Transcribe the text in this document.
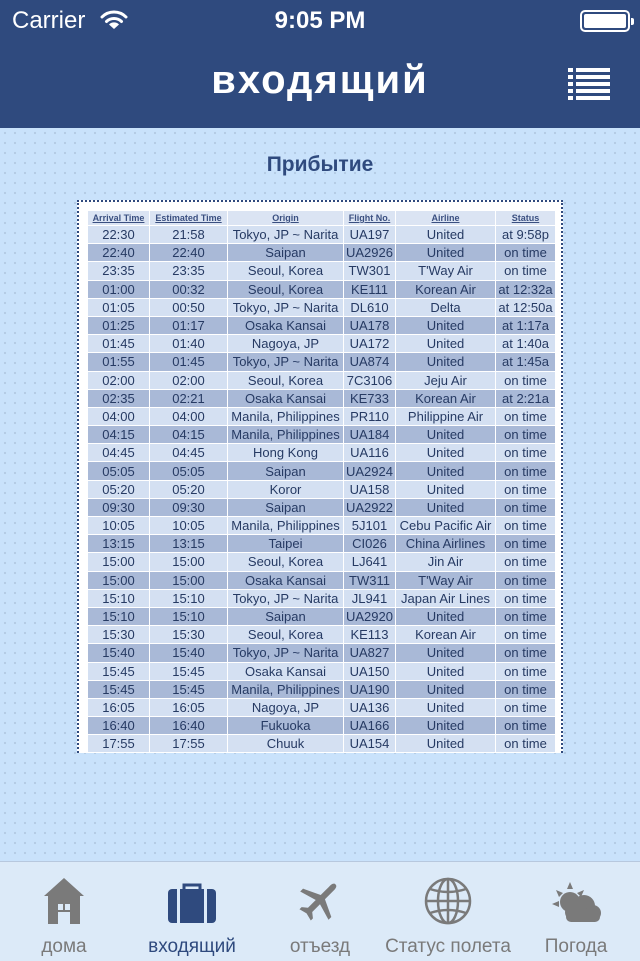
Carrier	9:05 PM
входящий
Прибытие
Arrival Time	Estimated Time	Origin	Flight No.	Airline	Status
22:30	21:58	Tokyo, JP ~ Narita	UA197	United	at 9:58p
22:40	22:40	Saipan	UA2926	United	on time
23:35	23:35	Seoul, Korea	TW301	T'Way Air	on time
01:00	00:32	Seoul, Korea	KE111	Korean Air	at 12:32a
01:05	00:50	Tokyo, JP ~ Narita	DL610	Delta	at 12:50a
01:25	01:17	Osaka Kansai	UA178	United	at 1:17a
01:45	01:40	Nagoya, JP	UA172	United	at 1:40a
01:55	01:45	Tokyo, JP ~ Narita	UA874	United	at 1:45a
02:00	02:00	Seoul, Korea	7C3106	Jeju Air	on time
02:35	02:21	Osaka Kansai	KE733	Korean Air	at 2:21a
04:00	04:00	Manila, Philippines	PR110	Philippine Air	on time
04:15	04:15	Manila, Philippines	UA184	United	on time
04:45	04:45	Hong Kong	UA116	United	on time
05:05	05:05	Saipan	UA2924	United	on time
05:20	05:20	Koror	UA158	United	on time
09:30	09:30	Saipan	UA2922	United	on time
10:05	10:05	Manila, Philippines	5J101	Cebu Pacific Air	on time
13:15	13:15	Taipei	CI026	China Airlines	on time
15:00	15:00	Seoul, Korea	LJ641	Jin Air	on time
15:00	15:00	Osaka Kansai	TW311	T'Way Air	on time
15:10	15:10	Tokyo, JP ~ Narita	JL941	Japan Air Lines	on time
15:10	15:10	Saipan	UA2920	United	on time
15:30	15:30	Seoul, Korea	KE113	Korean Air	on time
15:40	15:40	Tokyo, JP ~ Narita	UA827	United	on time
15:45	15:45	Osaka Kansai	UA150	United	on time
15:45	15:45	Manila, Philippines	UA190	United	on time
16:05	16:05	Nagoya, JP	UA136	United	on time
16:40	16:40	Fukuoka	UA166	United	on time
17:55	17:55	Chuuk	UA154	United	on time
дома	входящий	отъезд	Статус полета	Погода
